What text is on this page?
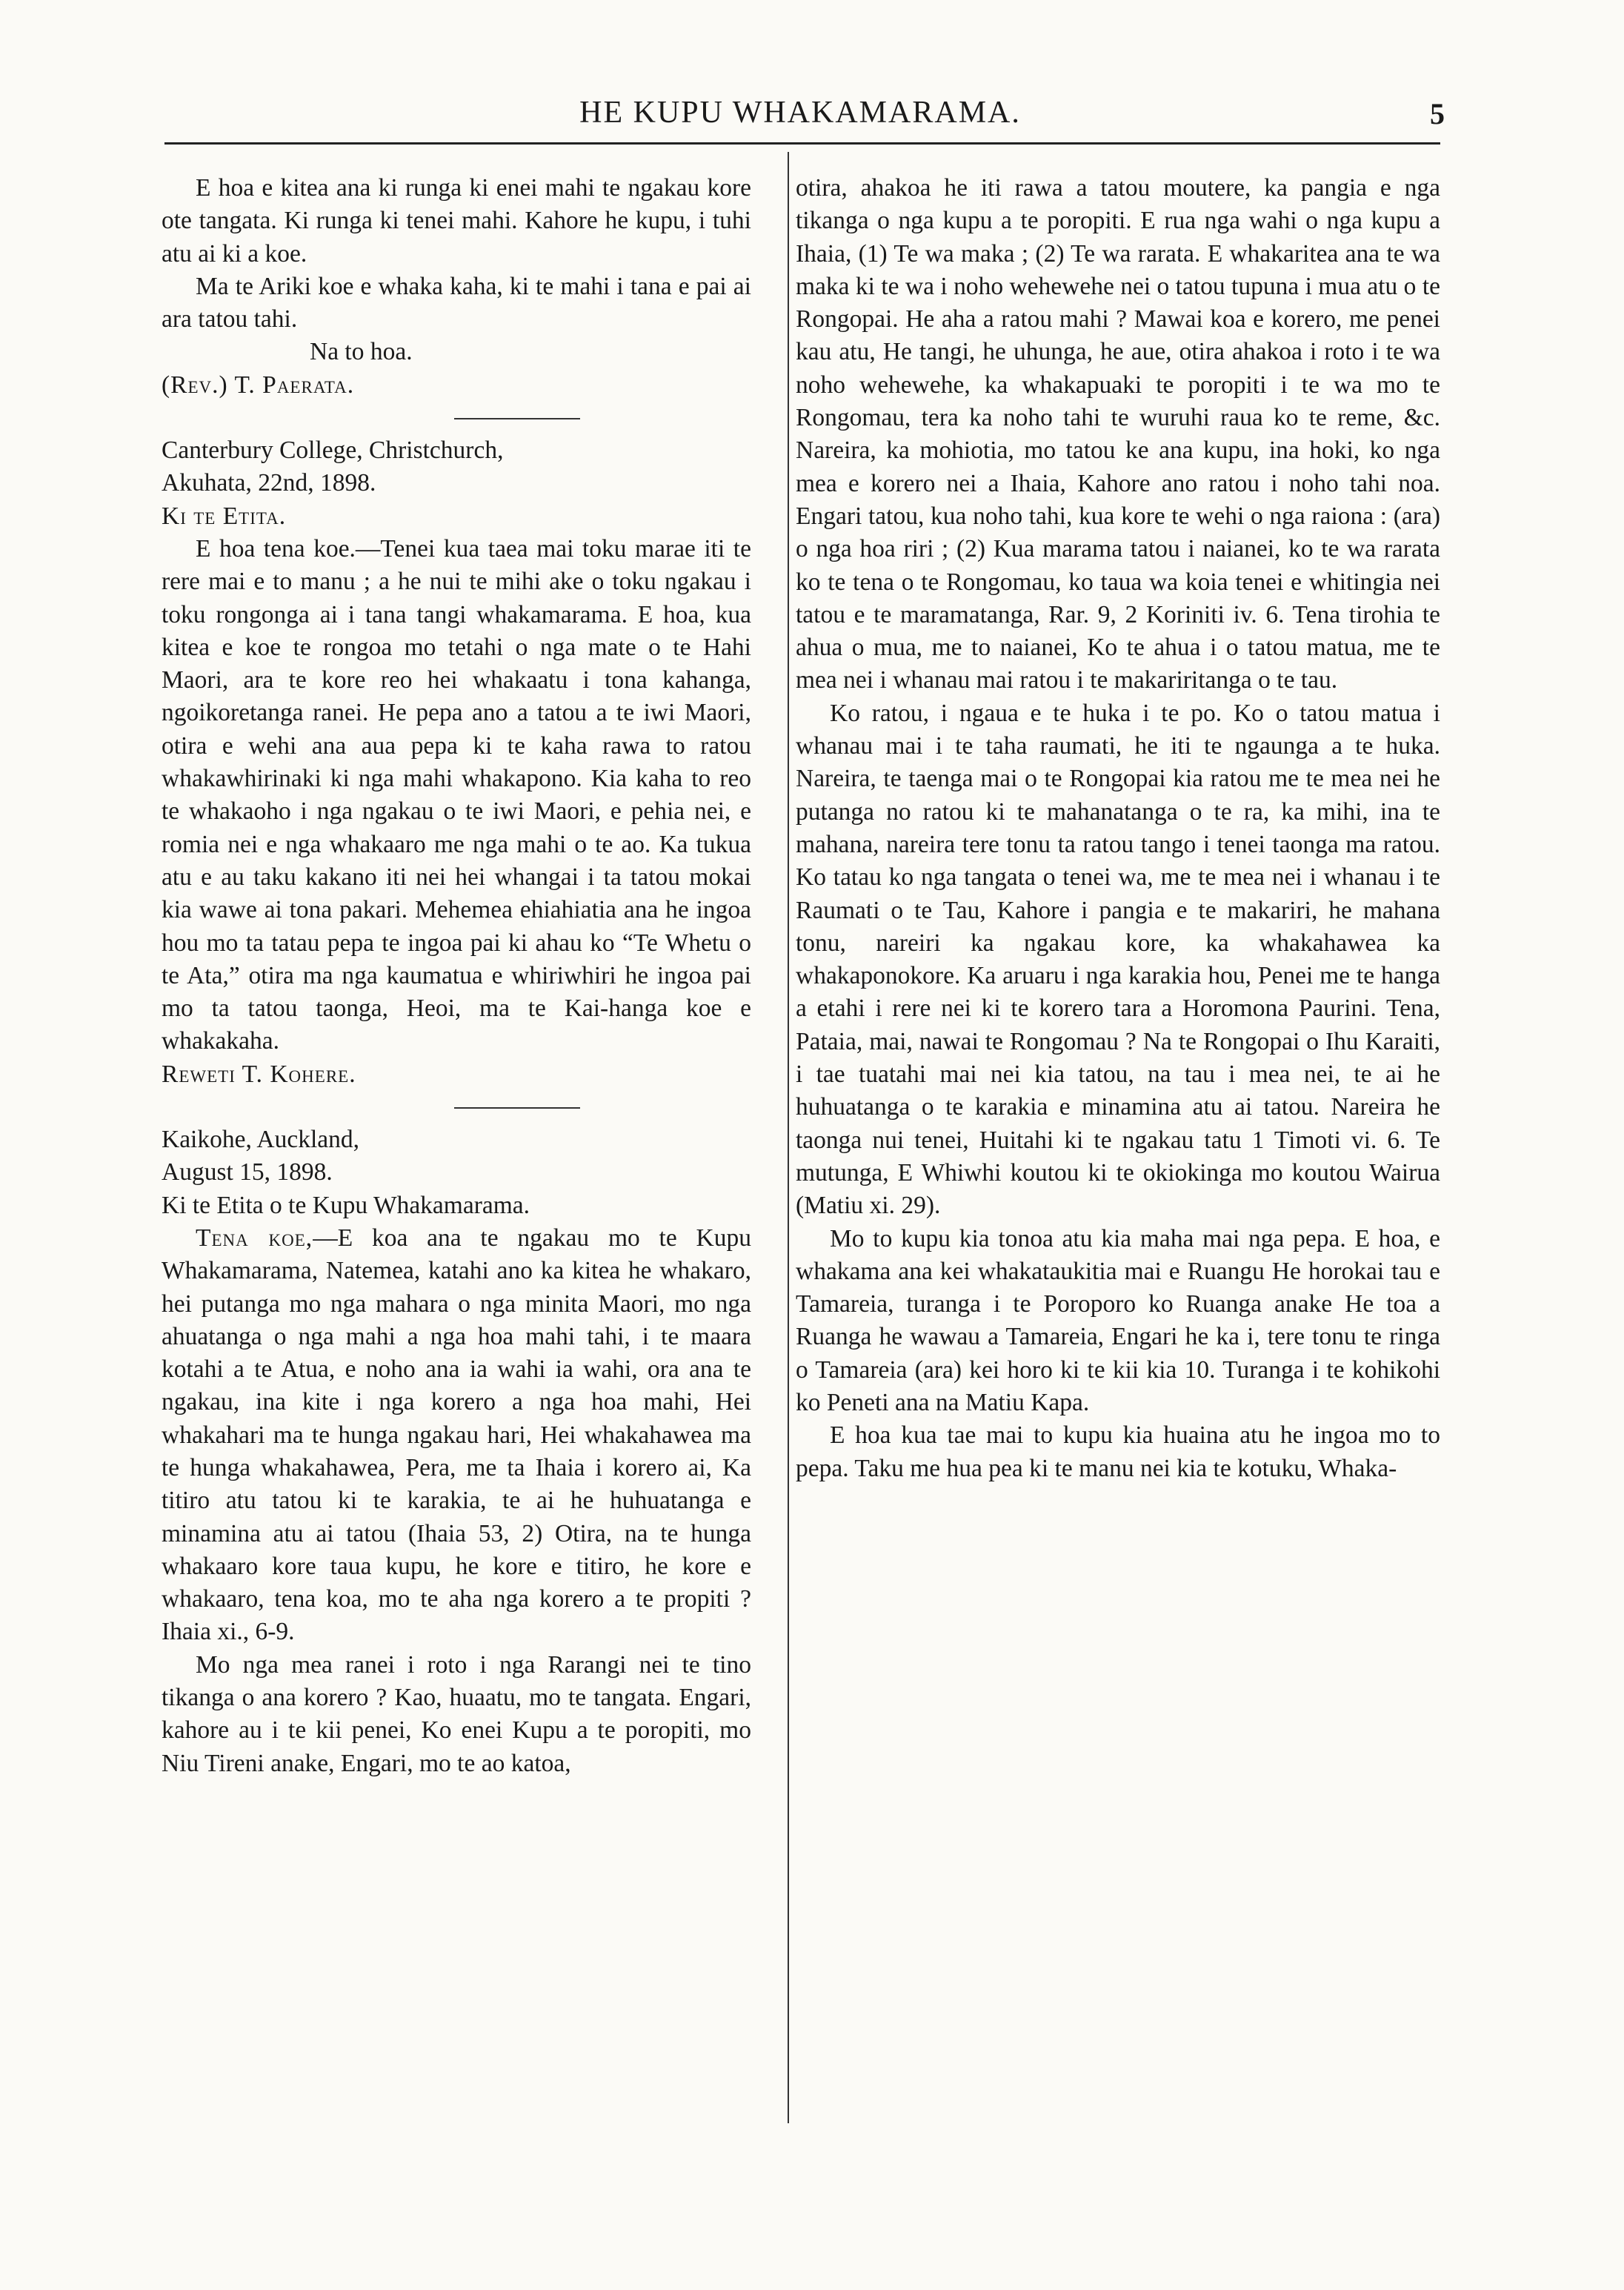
HE KUPU WHAKAMARAMA.	5

E hoa e kitea ana ki runga ki enei mahi te ngakau kore ote tangata. Ki runga ki tenei mahi. Kahore he kupu, i tuhi atu ai ki a koe.

Ma te Ariki koe e whaka kaha, ki te mahi i tana e pai ai ara tatou tahi.

Na to hoa.

(Rev.) T. Paerata.

Canterbury College, Christchurch,

Akuhata, 22nd, 1898.

Ki te Etita.

E hoa tena koe.—Tenei kua taea mai toku marae iti te rere mai e to manu ; a he nui te mihi ake o toku ngakau i toku rongonga ai i tana tangi whakamarama. E hoa, kua kitea e koe te rongoa mo tetahi o nga mate o te Hahi Maori, ara te kore reo hei whakaatu i tona kahanga, ngoikoretanga ranei. He pepa ano a tatou a te iwi Maori, otira e wehi ana aua pepa ki te kaha rawa to ratou whakawhirinaki ki nga mahi whakapono. Kia kaha to reo te whakaoho i nga ngakau o te iwi Maori, e pehia nei, e romia nei e nga whakaaro me nga mahi o te ao. Ka tukua atu e au taku kakano iti nei hei whangai i ta tatou mokai kia wawe ai tona pakari. Mehemea ehiahiatia ana he ingoa hou mo ta tatau pepa te ingoa pai ki ahau ko “Te Whetu o te Ata,” otira ma nga kaumatua e whiriwhiri he ingoa pai mo ta tatou taonga, Heoi, ma te Kai-hanga koe e whakakaha.

Reweti T. Kohere.

Kaikohe, Auckland,

August 15, 1898.

Ki te Etita o te Kupu Whakamarama.

Tena koe,—E koa ana te ngakau mo te Kupu Whakamarama, Natemea, katahi ano ka kitea he whakaro, hei putanga mo nga mahara o nga minita Maori, mo nga ahuatanga o nga mahi a nga hoa mahi tahi, i te maara kotahi a te Atua, e noho ana ia wahi ia wahi, ora ana te ngakau, ina kite i nga korero a nga hoa mahi, Hei whakahari ma te hunga ngakau hari, Hei whakahawea ma te hunga whakahawea, Pera, me ta Ihaia i korero ai, Ka titiro atu tatou ki te karakia, te ai he huhuatanga e minamina atu ai tatou (Ihaia 53, 2) Otira, na te hunga whakaaro kore taua kupu, he kore e titiro, he kore e whakaaro, tena koa, mo te aha nga korero a te propiti ? Ihaia xi., 6-9.

Mo nga mea ranei i roto i nga Rarangi nei te tino tikanga o ana korero ? Kao, huaatu, mo te tangata. Engari, kahore au i te kii penei, Ko enei Kupu a te poropiti, mo Niu Tireni anake, Engari, mo te ao katoa,

otira, ahakoa he iti rawa a tatou moutere, ka pangia e nga tikanga o nga kupu a te poropiti. E rua nga wahi o nga kupu a Ihaia, (1) Te wa maka ; (2) Te wa rarata. E whakaritea ana te wa maka ki te wa i noho wehewehe nei o tatou tupuna i mua atu o te Rongopai. He aha a ratou mahi ? Mawai koa e korero, me penei kau atu, He tangi, he uhunga, he aue, otira ahakoa i roto i te wa noho wehewehe, ka whakapuaki te poropiti i te wa mo te Rongomau, tera ka noho tahi te wuruhi raua ko te reme, &c. Nareira, ka mohiotia, mo tatou ke ana kupu, ina hoki, ko nga mea e korero nei a Ihaia, Kahore ano ratou i noho tahi noa. Engari tatou, kua noho tahi, kua kore te wehi o nga raiona : (ara) o nga hoa riri ; (2) Kua marama tatou i naianei, ko te wa rarata ko te tena o te Rongomau, ko taua wa koia tenei e whitingia nei tatou e te maramatanga, Rar. 9, 2 Koriniti iv. 6. Tena tirohia te ahua o mua, me to naianei, Ko te ahua i o tatou matua, me te mea nei i whanau mai ratou i te makariritanga o te tau.

Ko ratou, i ngaua e te huka i te po. Ko o tatou matua i whanau mai i te taha raumati, he iti te ngaunga a te huka. Nareira, te taenga mai o te Rongopai kia ratou me te mea nei he putanga no ratou ki te mahanatanga o te ra, ka mihi, ina te mahana, nareira tere tonu ta ratou tango i tenei taonga ma ratou. Ko tatau ko nga tangata o tenei wa, me te mea nei i whanau i te Raumati o te Tau, Kahore i pangia e te makariri, he mahana tonu, nareiri ka ngakau kore, ka whakahawea ka whakaponokore. Ka aruaru i nga karakia hou, Penei me te hanga a etahi i rere nei ki te korero tara a Horomona Paurini. Tena, Pataia, mai, nawai te Rongomau ? Na te Rongopai o Ihu Karaiti, i tae tuatahi mai nei kia tatou, na tau i mea nei, te ai he huhuatanga o te karakia e minamina atu ai tatou. Nareira he taonga nui tenei, Huitahi ki te ngakau tatu 1 Timoti vi. 6. Te mutunga, E Whiwhi koutou ki te okiokinga mo koutou Wairua (Matiu xi. 29).

Mo to kupu kia tonoa atu kia maha mai nga pepa. E hoa, e whakama ana kei whakataukitia mai e Ruangu He horokai tau e Tamareia, turanga i te Poroporo ko Ruanga anake He toa a Ruanga he wawau a Tamareia, Engari he ka i, tere tonu te ringa o Tamareia (ara) kei horo ki te kii kia 10. Turanga i te kohikohi ko Peneti ana na Matiu Kapa.

E hoa kua tae mai to kupu kia huaina atu he ingoa mo to pepa. Taku me hua pea ki te manu nei kia te kotuku, Whaka-
